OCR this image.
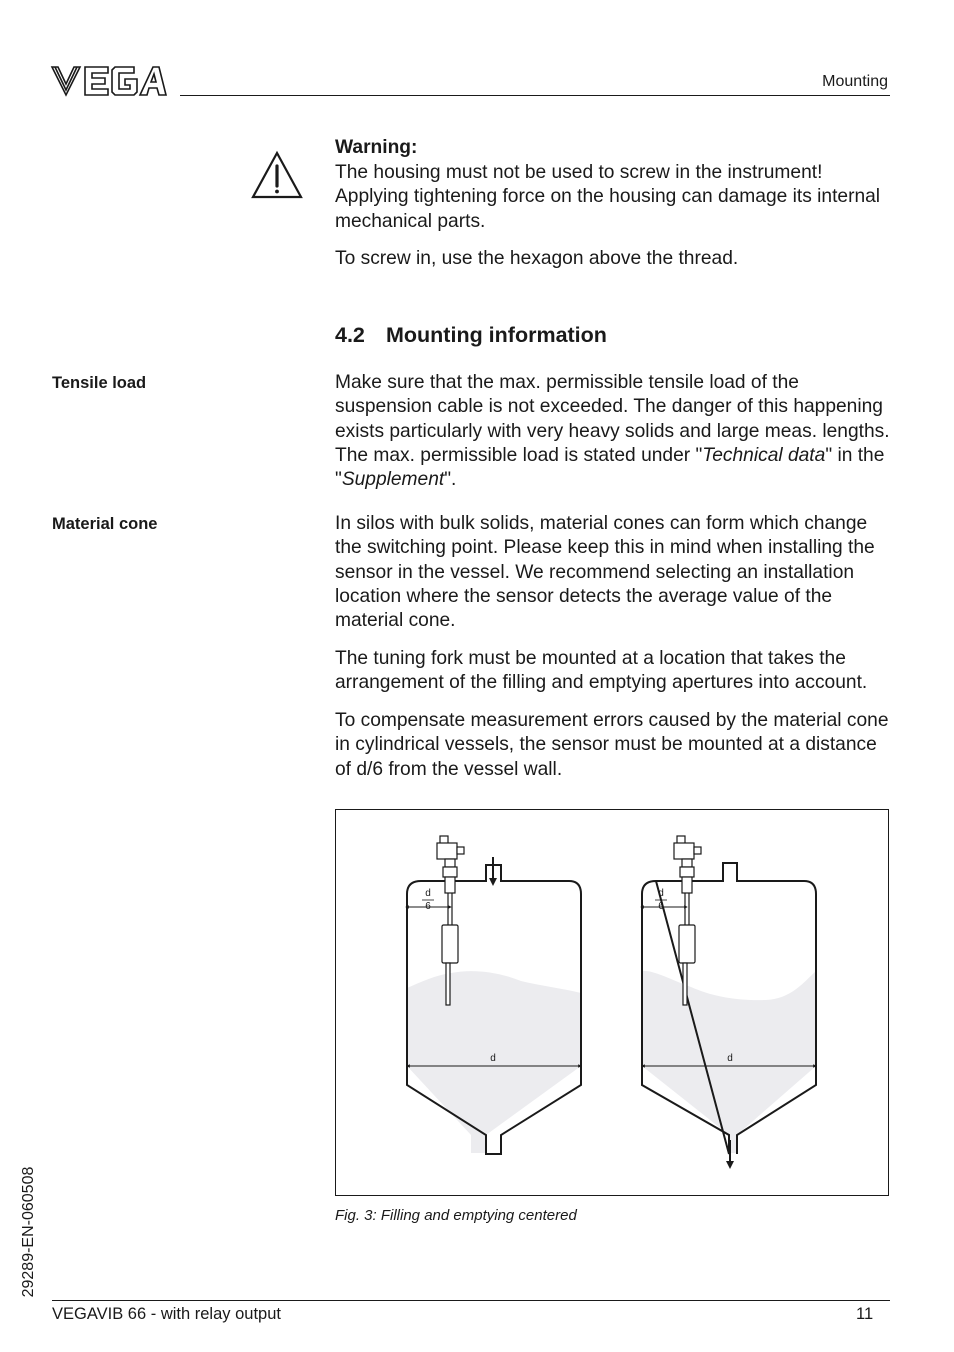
Mounting
Warning:
The housing must not be used to screw in the instrument! Applying tightening force on the housing can damage its internal mechanical parts.
To screw in, use the hexagon above the thread.
4.2 Mounting information
Tensile load	Make sure that the max. permissible tensile load of the suspension cable is not exceeded. The danger of this happening exists particularly with very heavy solids and large meas. lengths. The max. permissible load is stated under "Technical data" in the "Supplement".
Material cone	In silos with bulk solids, material cones can form which change the switching point. Please keep this in mind when installing the sensor in the vessel. We recommend selecting an installation location where the sensor detects the average value of the material cone.
The tuning fork must be mounted at a location that takes the arrangement of the filling and emptying apertures into account.
To compensate measurement errors caused by the material cone in cylindrical vessels, the sensor must be mounted at a distance of d/6 from the vessel wall.
d
6
d
d
6
d
Fig. 3: Filling and emptying centered
29289-EN-060508
VEGAVIB 66 - with relay output	11
